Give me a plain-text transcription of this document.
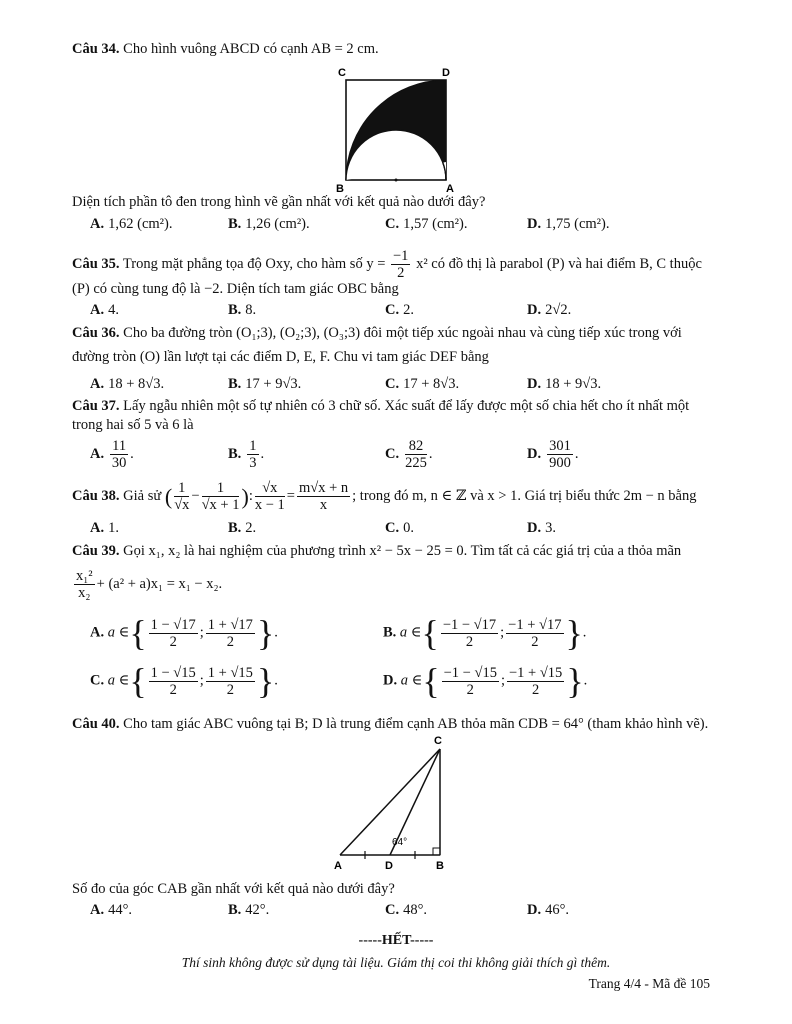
Câu 34. Cho hình vuông ABCD có cạnh AB = 2 cm.
C	D
B	A
Diện tích phần tô đen trong hình vẽ gần nhất với kết quả nào dưới đây?
A. 1,62 (cm²).	B. 1,26 (cm²).	C. 1,57 (cm²).	D. 1,75 (cm²).
Câu 35. Trong mặt phẳng tọa độ Oxy, cho hàm số $y = \frac{-1}{2} x^2$ có đồ thị là parabol (P) và hai điểm B, C thuộc
(P) có cùng tung độ là −2. Diện tích tam giác OBC bằng
A. 4.	B. 8.	C. 2.	D. 2√2.
Câu 36. Cho ba đường tròn (O₁;3), (O₂;3), (O₃;3) đôi một tiếp xúc ngoài nhau và cùng tiếp xúc trong với
đường tròn (O) lần lượt tại các điểm D, E, F. Chu vi tam giác DEF bằng
A. 18 + 8√3.	B. 17 + 9√3.	C. 17 + 8√3.	D. 18 + 9√3.
Câu 37. Lấy ngẫu nhiên một số tự nhiên có 3 chữ số. Xác suất để lấy được một số chia hết cho ít nhất một
trong hai số 5 và 6 là
A. $\frac{11}{30}$ .	B. $\frac{1}{3}$ .	C. $\frac{82}{225}$ .	D. $\frac{301}{900}$ .
Câu 38. Giả sử ( $\frac{1}{√x} - \frac{1}{√x + 1}$ ): $\frac{√x}{x - 1} = \frac{m√x + n}{x}$ ; trong đó m, n ∈ ℤ và x > 1. Giá trị biểu thức 2m − n bằng
A. 1.	B. 2.	C. 0.	D. 3.
Câu 39. Gọi x₁, x₂ là hai nghiệm của phương trình x² − 5x − 25 = 0. Tìm tất cả các giá trị của a thỏa mãn
$\frac{\text{x₁²}}{\text{x₂}} + (a^2 + a)x_1 = x_1 - x_2$.
A. a ∈{ $\frac{1 - √17}{2}$ ; $\frac{1 + √17}{2}$ }.	B. a ∈{ $\frac{-1 - √17}{2}$ ; $\frac{-1 + √17}{2}$ }.
C. a ∈{ $\frac{1 - √15}{2}$ ; $\frac{1 + √15}{2}$ }.	D. a ∈{ $\frac{-1 - √15}{2}$ ; $\frac{-1 + √15}{2}$ }.
Câu 40. Cho tam giác ABC vuông tại B; D là trung điểm cạnh AB thỏa mãn CDB = 64° (tham khảo hình vẽ).
C
A	D	B
64°
Số đo của góc CAB gần nhất với kết quả nào dưới đây?
A. 44°.	B. 42°.	C. 48°.	D. 46°.
-----HẾT-----
Thí sinh không được sử dụng tài liệu. Giám thị coi thi không giải thích gì thêm.
Trang 4/4 - Mã đề 105
